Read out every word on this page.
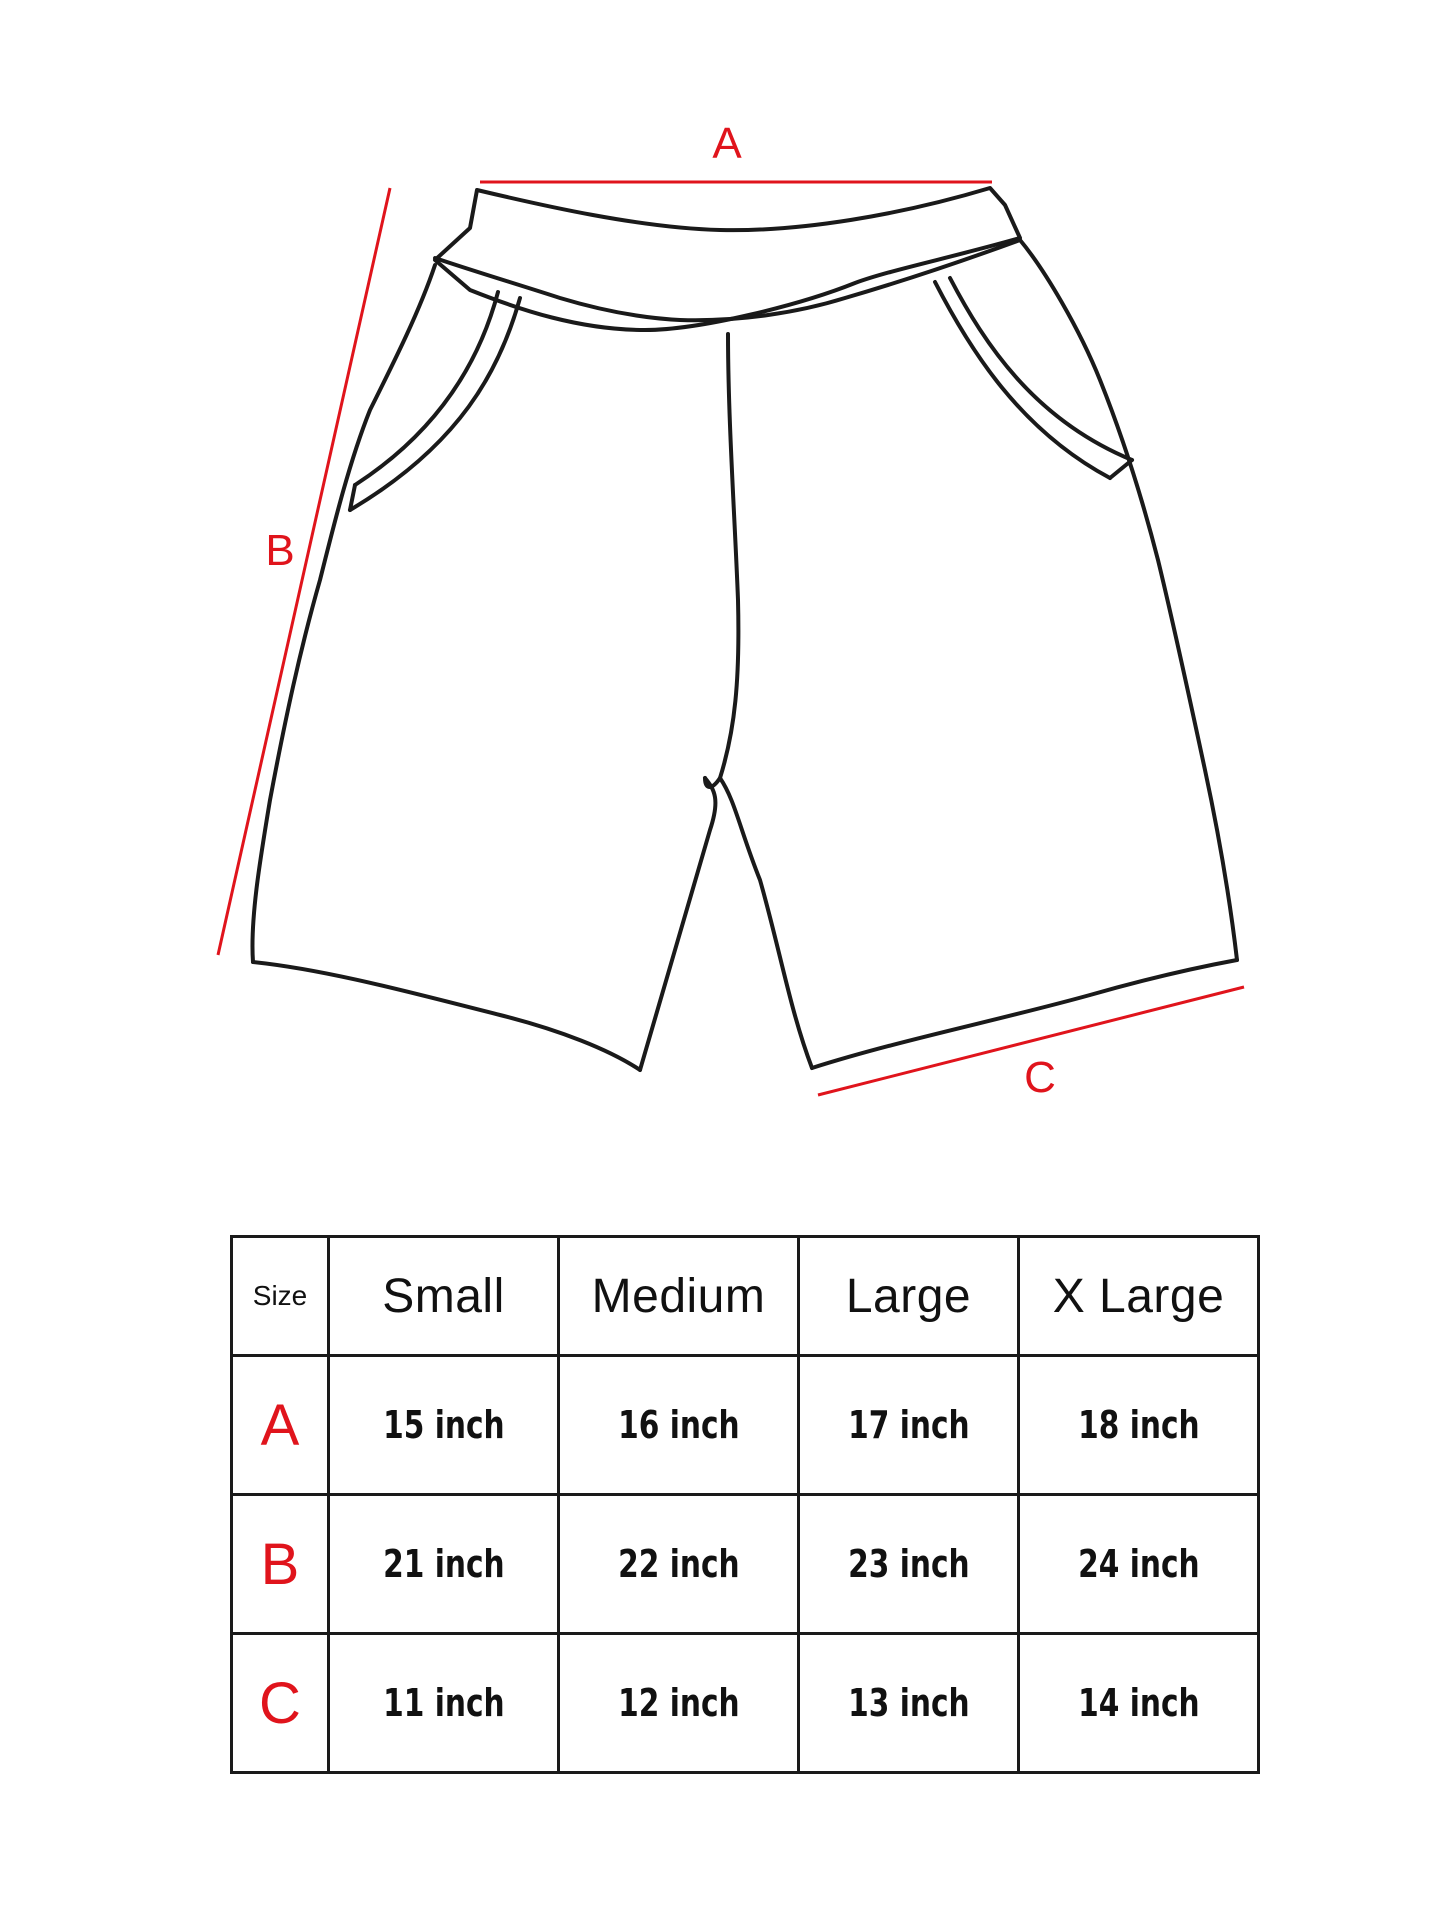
A
B
C
Size	Small	Medium	Large	X Large
A	15 inch	16 inch	17 inch	18 inch
B	21 inch	22 inch	23 inch	24 inch
C	11 inch	12 inch	13 inch	14 inch
